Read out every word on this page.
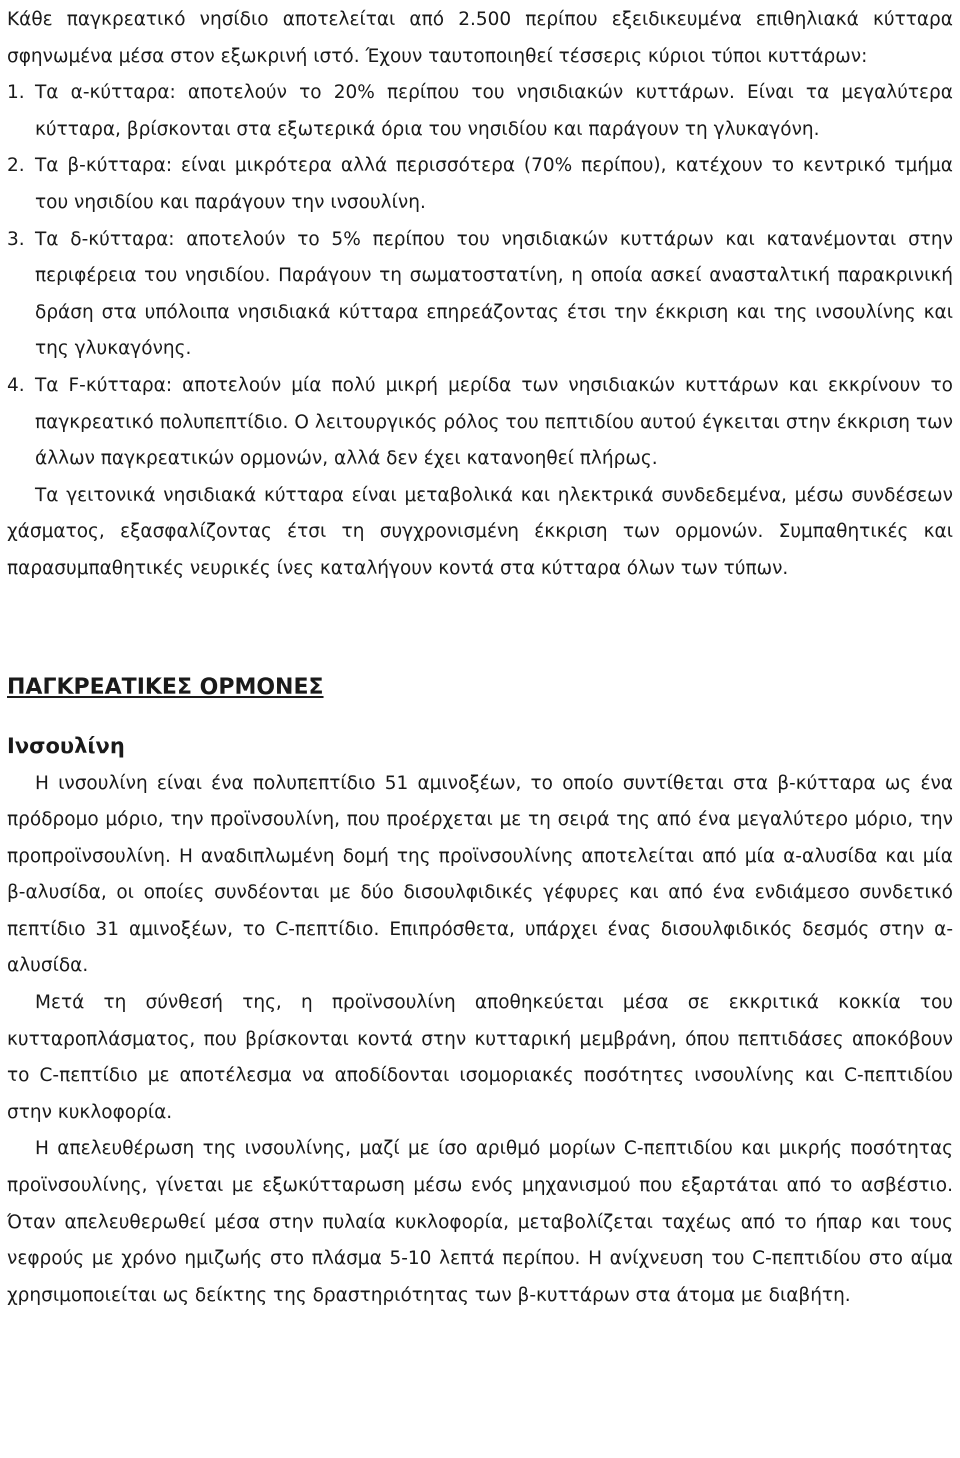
Κάθε παγκρεατικό νησίδιο αποτελείται από 2.500 περίπου εξειδικευμένα επιθηλιακά κύτταρα σφηνωμένα μέσα στον εξωκρινή ιστό. Έχουν ταυτοποιηθεί τέσσερις κύριοι τύποι κυττάρων:

1. Τα α-κύτταρα: αποτελούν το 20% περίπου του νησιδιακών κυττάρων. Είναι τα μεγαλύτερα κύτταρα, βρίσκονται στα εξωτερικά όρια του νησιδίου και παράγουν τη γλυκαγόνη.
2. Τα β-κύτταρα: είναι μικρότερα αλλά περισσότερα (70% περίπου), κατέχουν το κεντρικό τμήμα του νησιδίου και παράγουν την ινσουλίνη.
3. Τα δ-κύτταρα: αποτελούν το 5% περίπου του νησιδιακών κυττάρων και κατανέμονται στην περιφέρεια του νησιδίου. Παράγουν τη σωματοστατίνη, η οποία ασκεί ανασταλτική παρακρινική δράση στα υπόλοιπα νησιδιακά κύτταρα επηρεάζοντας έτσι την έκκριση και της ινσουλίνης και της γλυκαγόνης.
4. Τα F-κύτταρα: αποτελούν μία πολύ μικρή μερίδα των νησιδιακών κυττάρων και εκκρίνουν το παγκρεατικό πολυπεπτίδιο. Ο λειτουργικός ρόλος του πεπτιδίου αυτού έγκειται στην έκκριση των άλλων παγκρεατικών ορμονών, αλλά δεν έχει κατανοηθεί πλήρως.

Τα γειτονικά νησιδιακά κύτταρα είναι μεταβολικά και ηλεκτρικά συνδεδεμένα, μέσω συνδέσεων χάσματος, εξασφαλίζοντας έτσι τη συγχρονισμένη έκκριση των ορμονών. Συμπαθητικές και παρασυμπαθητικές νευρικές ίνες καταλήγουν κοντά στα κύτταρα όλων των τύπων.

ΠΑΓΚΡΕΑΤΙΚΕΣ ΟΡΜΟΝΕΣ
Ινσουλίνη

Η ινσουλίνη είναι ένα πολυπεπτίδιο 51 αμινοξέων, το οποίο συντίθεται στα β-κύτταρα ως ένα πρόδρομο μόριο, την προϊνσουλίνη, που προέρχεται με τη σειρά της από ένα μεγαλύτερο μόριο, την προπροϊνσουλίνη. Η αναδιπλωμένη δομή της προϊνσουλίνης αποτελείται από μία α-αλυσίδα και μία β-αλυσίδα, οι οποίες συνδέονται με δύο δισουλφιδικές γέφυρες και από ένα ενδιάμεσο συνδετικό πεπτίδιο 31 αμινοξέων, το C-πεπτίδιο. Επιπρόσθετα, υπάρχει ένας δισουλφιδικός δεσμός στην α-αλυσίδα.

Μετά τη σύνθεσή της, η προϊνσουλίνη αποθηκεύεται μέσα σε εκκριτικά κοκκία του κυτταροπλάσματος, που βρίσκονται κοντά στην κυτταρική μεμβράνη, όπου πεπτιδάσες αποκόβουν το C-πεπτίδιο με αποτέλεσμα να αποδίδονται ισομοριακές ποσότητες ινσουλίνης και C-πεπτιδίου στην κυκλοφορία.

Η απελευθέρωση της ινσουλίνης, μαζί με ίσο αριθμό μορίων C-πεπτιδίου και μικρής ποσότητας προϊνσουλίνης, γίνεται με εξωκύτταρωση μέσω ενός μηχανισμού που εξαρτάται από το ασβέστιο. Όταν απελευθερωθεί μέσα στην πυλαία κυκλοφορία, μεταβολίζεται ταχέως από το ήπαρ και τους νεφρούς με χρόνο ημιζωής στο πλάσμα 5-10 λεπτά περίπου. Η ανίχνευση του C-πεπτιδίου στο αίμα χρησιμοποιείται ως δείκτης της δραστηριότητας των β-κυττάρων στα άτομα με διαβήτη.
